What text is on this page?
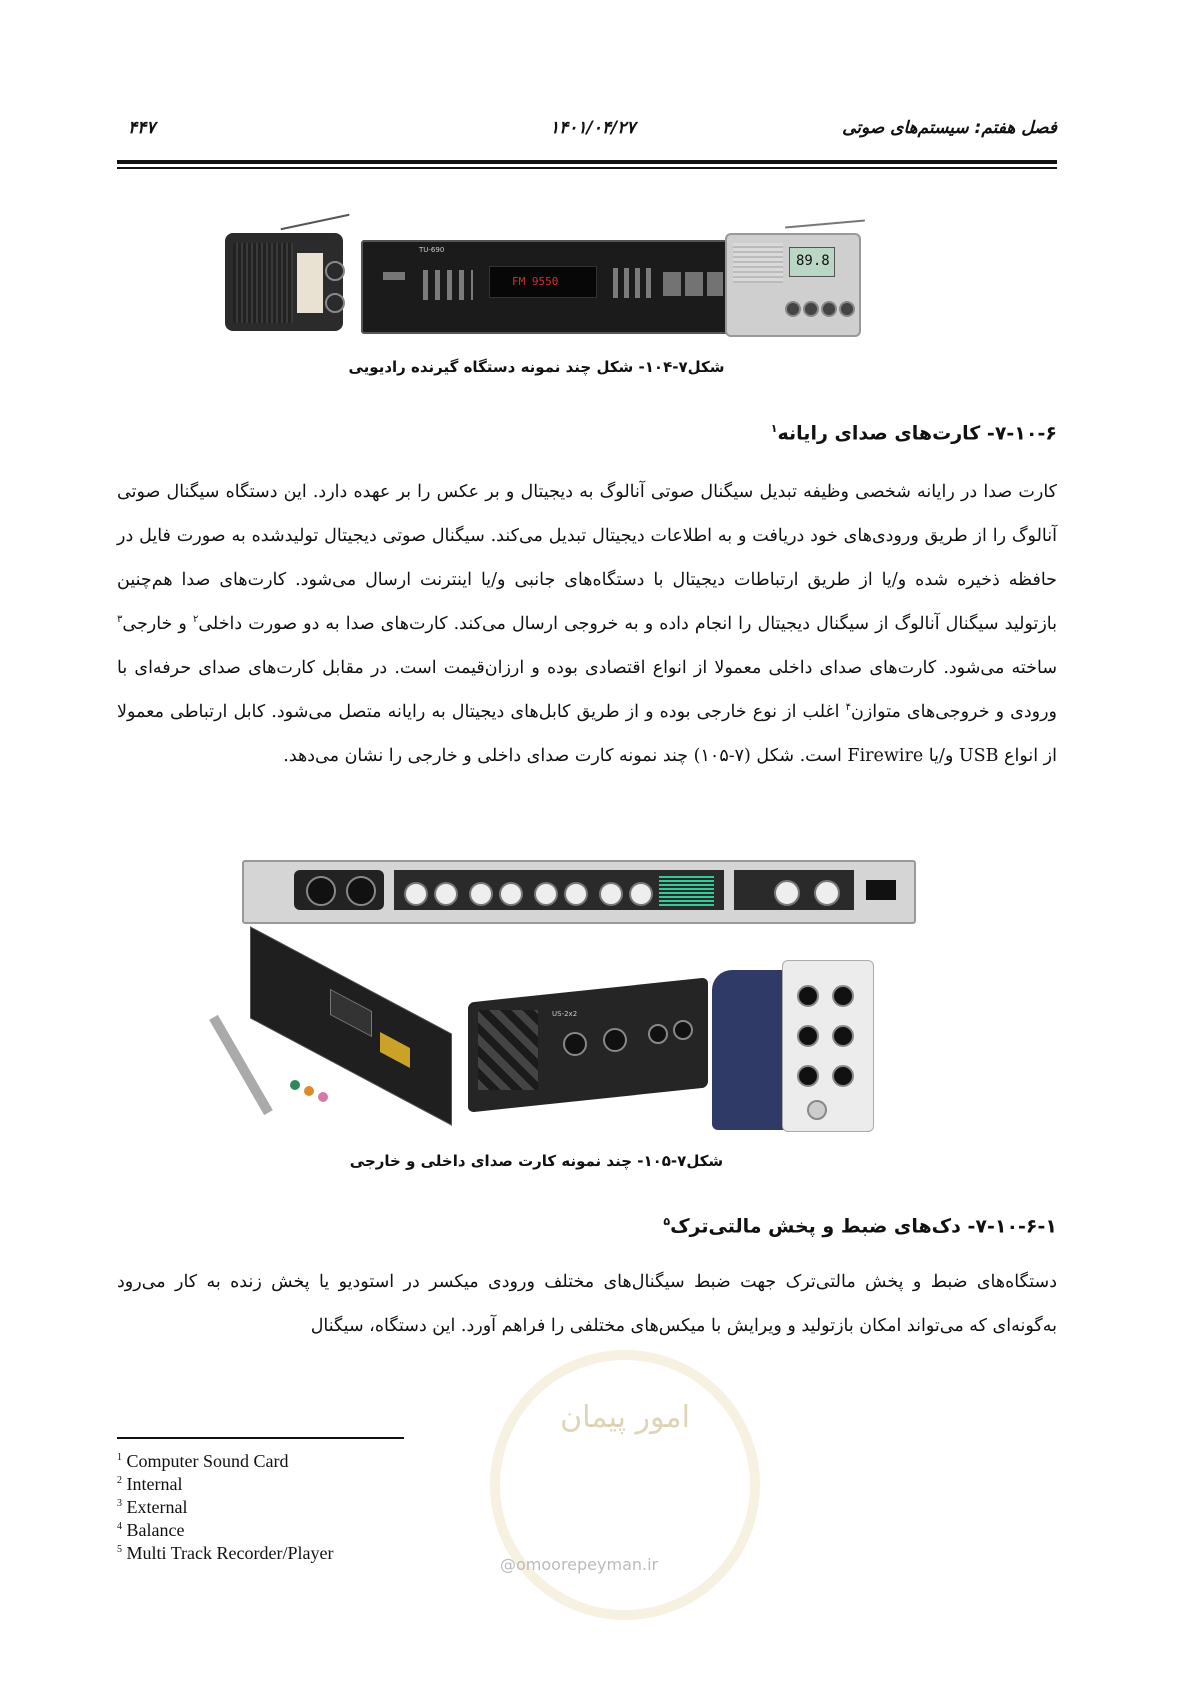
فصل هفتم: سیستم‌های صوتی
۱۴۰۱/۰۴/۲۷
۴۴۷
TU-690
FM 9550
89.8
شکل۷-۱۰۴- شکل چند نمونه دستگاه گیرنده رادیویی
۷-۱۰-۶- کارت‌های صدای رایانه$^۱$
کارت صدا در رایانه شخصی وظیفه تبدیل سیگنال صوتی آنالوگ به دیجیتال و بر عکس را بر عهده دارد. این دستگاه سیگنال صوتی آنالوگ را از طریق ورودی‌های خود دریافت و به اطلاعات دیجیتال تبدیل می‌کند. سیگنال صوتی دیجیتال تولیدشده به صورت فایل در حافظه ذخیره شده و/یا از طریق ارتباطات دیجیتال با دستگاه‌های جانبی و/یا اینترنت ارسال می‌شود. کارت‌های صدا هم‌چنین بازتولید سیگنال آنالوگ از سیگنال دیجیتال را انجام داده و به خروجی ارسال می‌کند. کارت‌های صدا به دو صورت داخلی$^۲$ و خارجی$^۳$ ساخته می‌شود. کارت‌های صدای داخلی معمولا از انواع اقتصادی بوده و ارزان‌قیمت است. در مقابل کارت‌های صدای حرفه‌ای با ورودی و خروجی‌های متوازن$^۴$ اغلب از نوع خارجی بوده و از طریق کابل‌های دیجیتال به رایانه متصل می‌شود. کابل ارتباطی معمولا از انواع USB و/یا Firewire است. شکل (۷-۱۰۵) چند نمونه کارت صدای داخلی و خارجی را نشان می‌دهد.
US-2x2
شکل۷-۱۰۵- چند نمونه کارت صدای داخلی و خارجی
۷-۱۰-۶-۱- دک‌های ضبط و پخش مالتی‌ترک$^۵$
دستگاه‌های ضبط و پخش مالتی‌ترک جهت ضبط سیگنال‌های مختلف ورودی میکسر در استودیو یا پخش زنده به کار می‌رود به‌گونه‌ای که می‌تواند امکان بازتولید و ویرایش با میکس‌های مختلفی را فراهم آورد. این دستگاه، سیگنال
امور پیمان
@omoorepeyman.ir
$^1$ Computer Sound Card
$^2$ Internal
$^3$ External
$^4$ Balance
$^5$ Multi Track Recorder/Player
